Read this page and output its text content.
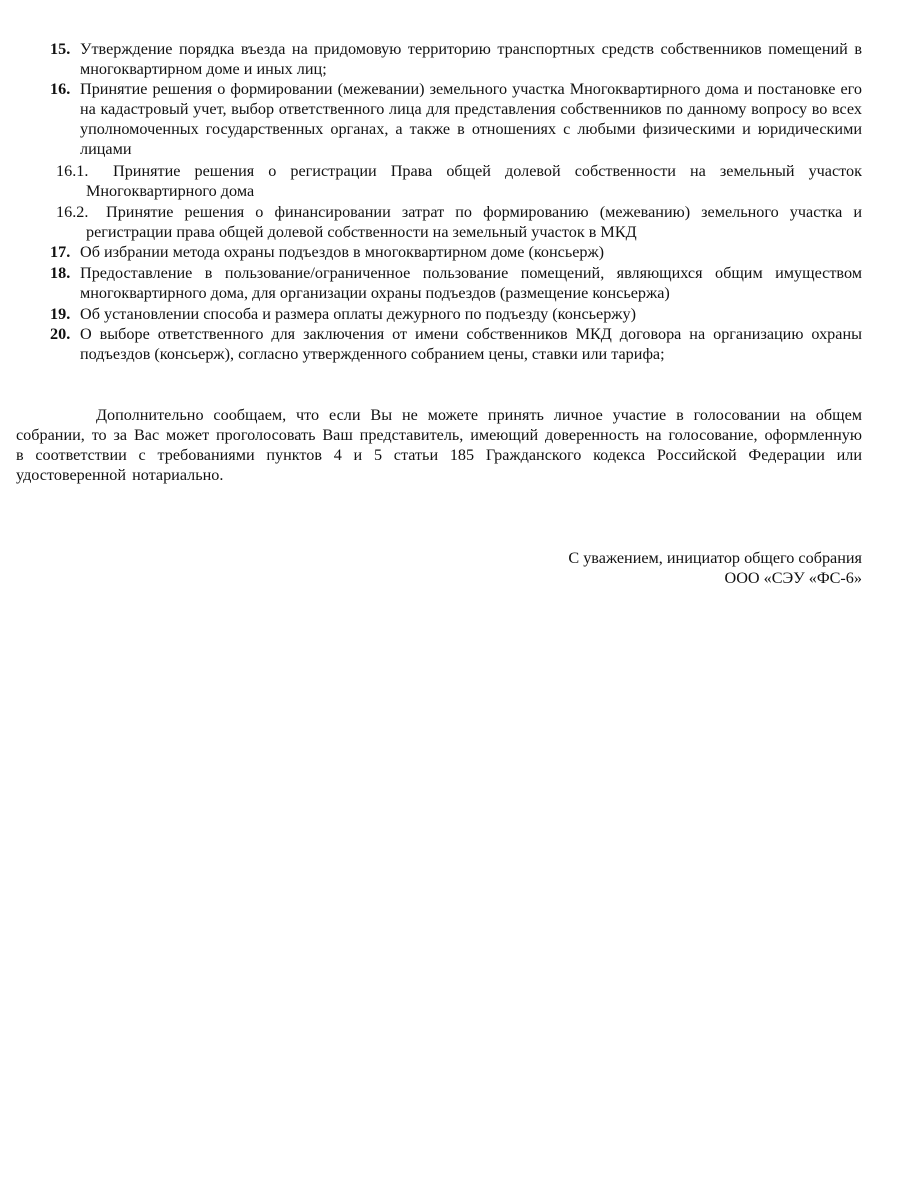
15. Утверждение порядка въезда на придомовую территорию транспортных средств собственников помещений в многоквартирном доме и иных лиц;
16. Принятие решения о формировании (межевании) земельного участка Многоквартирного дома и постановке его на кадастровый учет, выбор ответственного лица для представления собственников по данному вопросу во всех уполномоченных государственных органах, а также в отношениях с любыми физическими и юридическими лицами
16.1. Принятие решения о регистрации Права общей долевой собственности на земельный участок Многоквартирного дома
16.2. Принятие решения о финансировании затрат по формированию (межеванию) земельного участка и регистрации права общей долевой собственности на земельный участок в МКД
17. Об избрании метода охраны подъездов в многоквартирном доме (консьерж)
18. Предоставление в пользование/ограниченное пользование помещений, являющихся общим имуществом многоквартирного дома, для организации охраны подъездов (размещение консьержа)
19. Об установлении способа и размера оплаты дежурного по подъезду (консьержу)
20. О выборе ответственного для заключения от имени собственников МКД договора на организацию охраны подъездов (консьерж), согласно утвержденного собранием цены, ставки или тарифа;
Дополнительно сообщаем, что если Вы не можете принять личное участие в голосовании на общем собрании, то за Вас может проголосовать Ваш представитель, имеющий доверенность на голосование, оформленную в соответствии с требованиями пунктов 4 и 5 статьи 185 Гражданского кодекса Российской Федерации или удостоверенной нотариально.
С уважением, инициатор общего собрания
ООО «СЭУ «ФС-6»
